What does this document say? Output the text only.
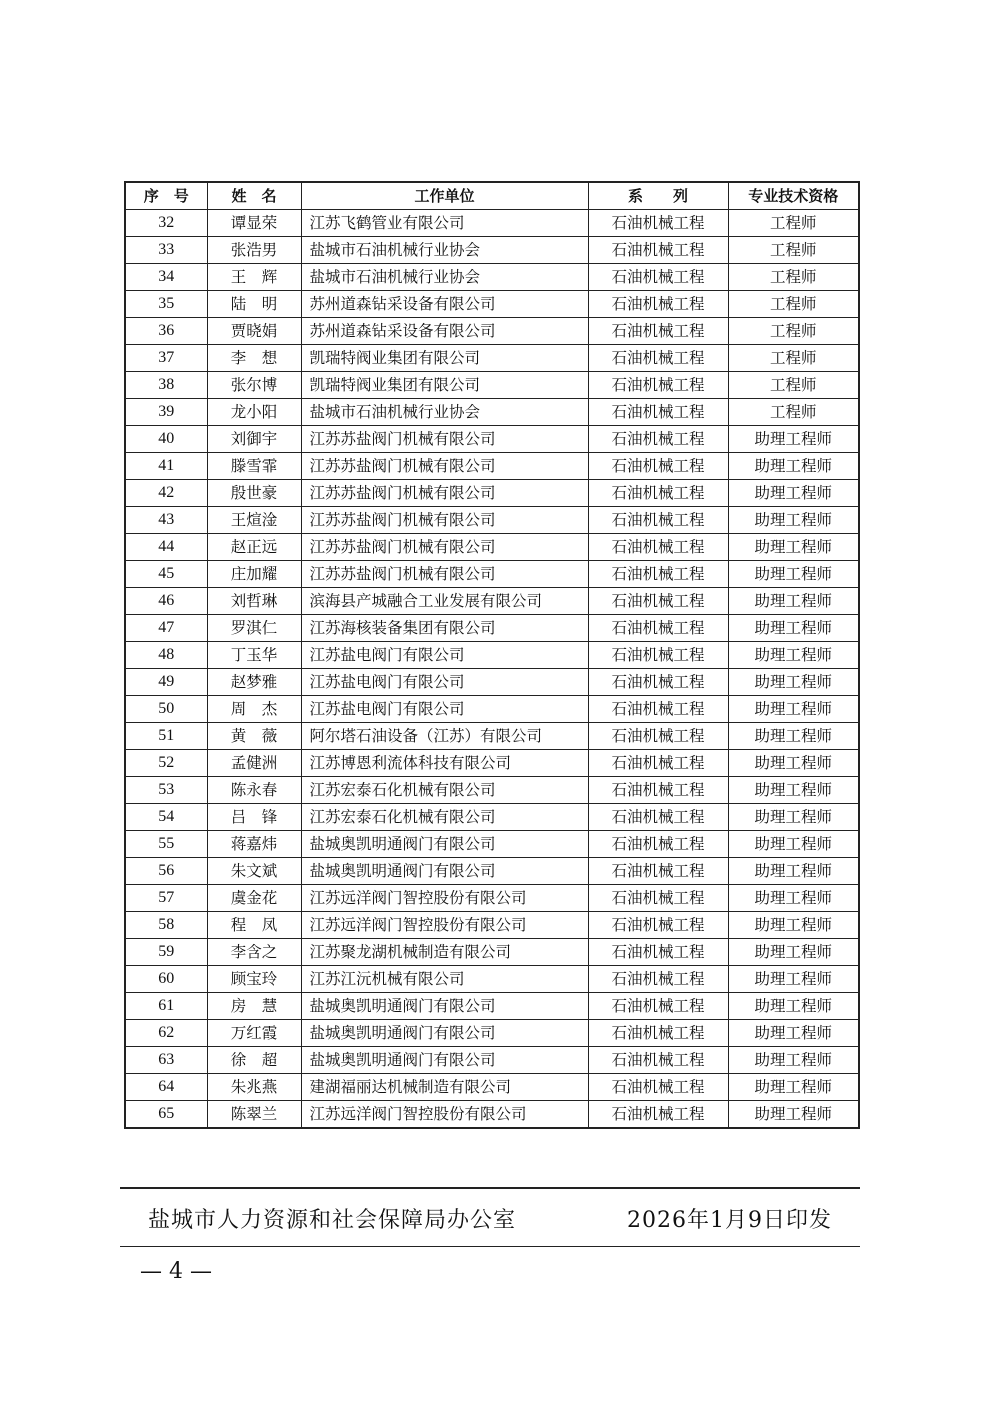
序　号	姓　名	工作单位	系　　列	专业技术资格
32	谭显荣	江苏飞鹤管业有限公司	石油机械工程	工程师
33	张浩男	盐城市石油机械行业协会	石油机械工程	工程师
34	王　辉	盐城市石油机械行业协会	石油机械工程	工程师
35	陆　明	苏州道森钻采设备有限公司	石油机械工程	工程师
36	贾晓娟	苏州道森钻采设备有限公司	石油机械工程	工程师
37	李　想	凯瑞特阀业集团有限公司	石油机械工程	工程师
38	张尔博	凯瑞特阀业集团有限公司	石油机械工程	工程师
39	龙小阳	盐城市石油机械行业协会	石油机械工程	工程师
40	刘御宇	江苏苏盐阀门机械有限公司	石油机械工程	助理工程师
41	滕雪霏	江苏苏盐阀门机械有限公司	石油机械工程	助理工程师
42	殷世豪	江苏苏盐阀门机械有限公司	石油机械工程	助理工程师
43	王煊淦	江苏苏盐阀门机械有限公司	石油机械工程	助理工程师
44	赵正远	江苏苏盐阀门机械有限公司	石油机械工程	助理工程师
45	庄加耀	江苏苏盐阀门机械有限公司	石油机械工程	助理工程师
46	刘哲琳	滨海县产城融合工业发展有限公司	石油机械工程	助理工程师
47	罗淇仁	江苏海核装备集团有限公司	石油机械工程	助理工程师
48	丁玉华	江苏盐电阀门有限公司	石油机械工程	助理工程师
49	赵梦雅	江苏盐电阀门有限公司	石油机械工程	助理工程师
50	周　杰	江苏盐电阀门有限公司	石油机械工程	助理工程师
51	黄　薇	阿尔塔石油设备（江苏）有限公司	石油机械工程	助理工程师
52	孟健洲	江苏博恩利流体科技有限公司	石油机械工程	助理工程师
53	陈永春	江苏宏泰石化机械有限公司	石油机械工程	助理工程师
54	吕　锋	江苏宏泰石化机械有限公司	石油机械工程	助理工程师
55	蒋嘉炜	盐城奥凯明通阀门有限公司	石油机械工程	助理工程师
56	朱文斌	盐城奥凯明通阀门有限公司	石油机械工程	助理工程师
57	虞金花	江苏远洋阀门智控股份有限公司	石油机械工程	助理工程师
58	程　凤	江苏远洋阀门智控股份有限公司	石油机械工程	助理工程师
59	李含之	江苏聚龙湖机械制造有限公司	石油机械工程	助理工程师
60	顾宝玲	江苏江沅机械有限公司	石油机械工程	助理工程师
61	房　慧	盐城奥凯明通阀门有限公司	石油机械工程	助理工程师
62	万红霞	盐城奥凯明通阀门有限公司	石油机械工程	助理工程师
63	徐　超	盐城奥凯明通阀门有限公司	石油机械工程	助理工程师
64	朱兆燕	建湖福丽达机械制造有限公司	石油机械工程	助理工程师
65	陈翠兰	江苏远洋阀门智控股份有限公司	石油机械工程	助理工程师
盐城市人力资源和社会保障局办公室	2026年1月9日印发
— 4 —
